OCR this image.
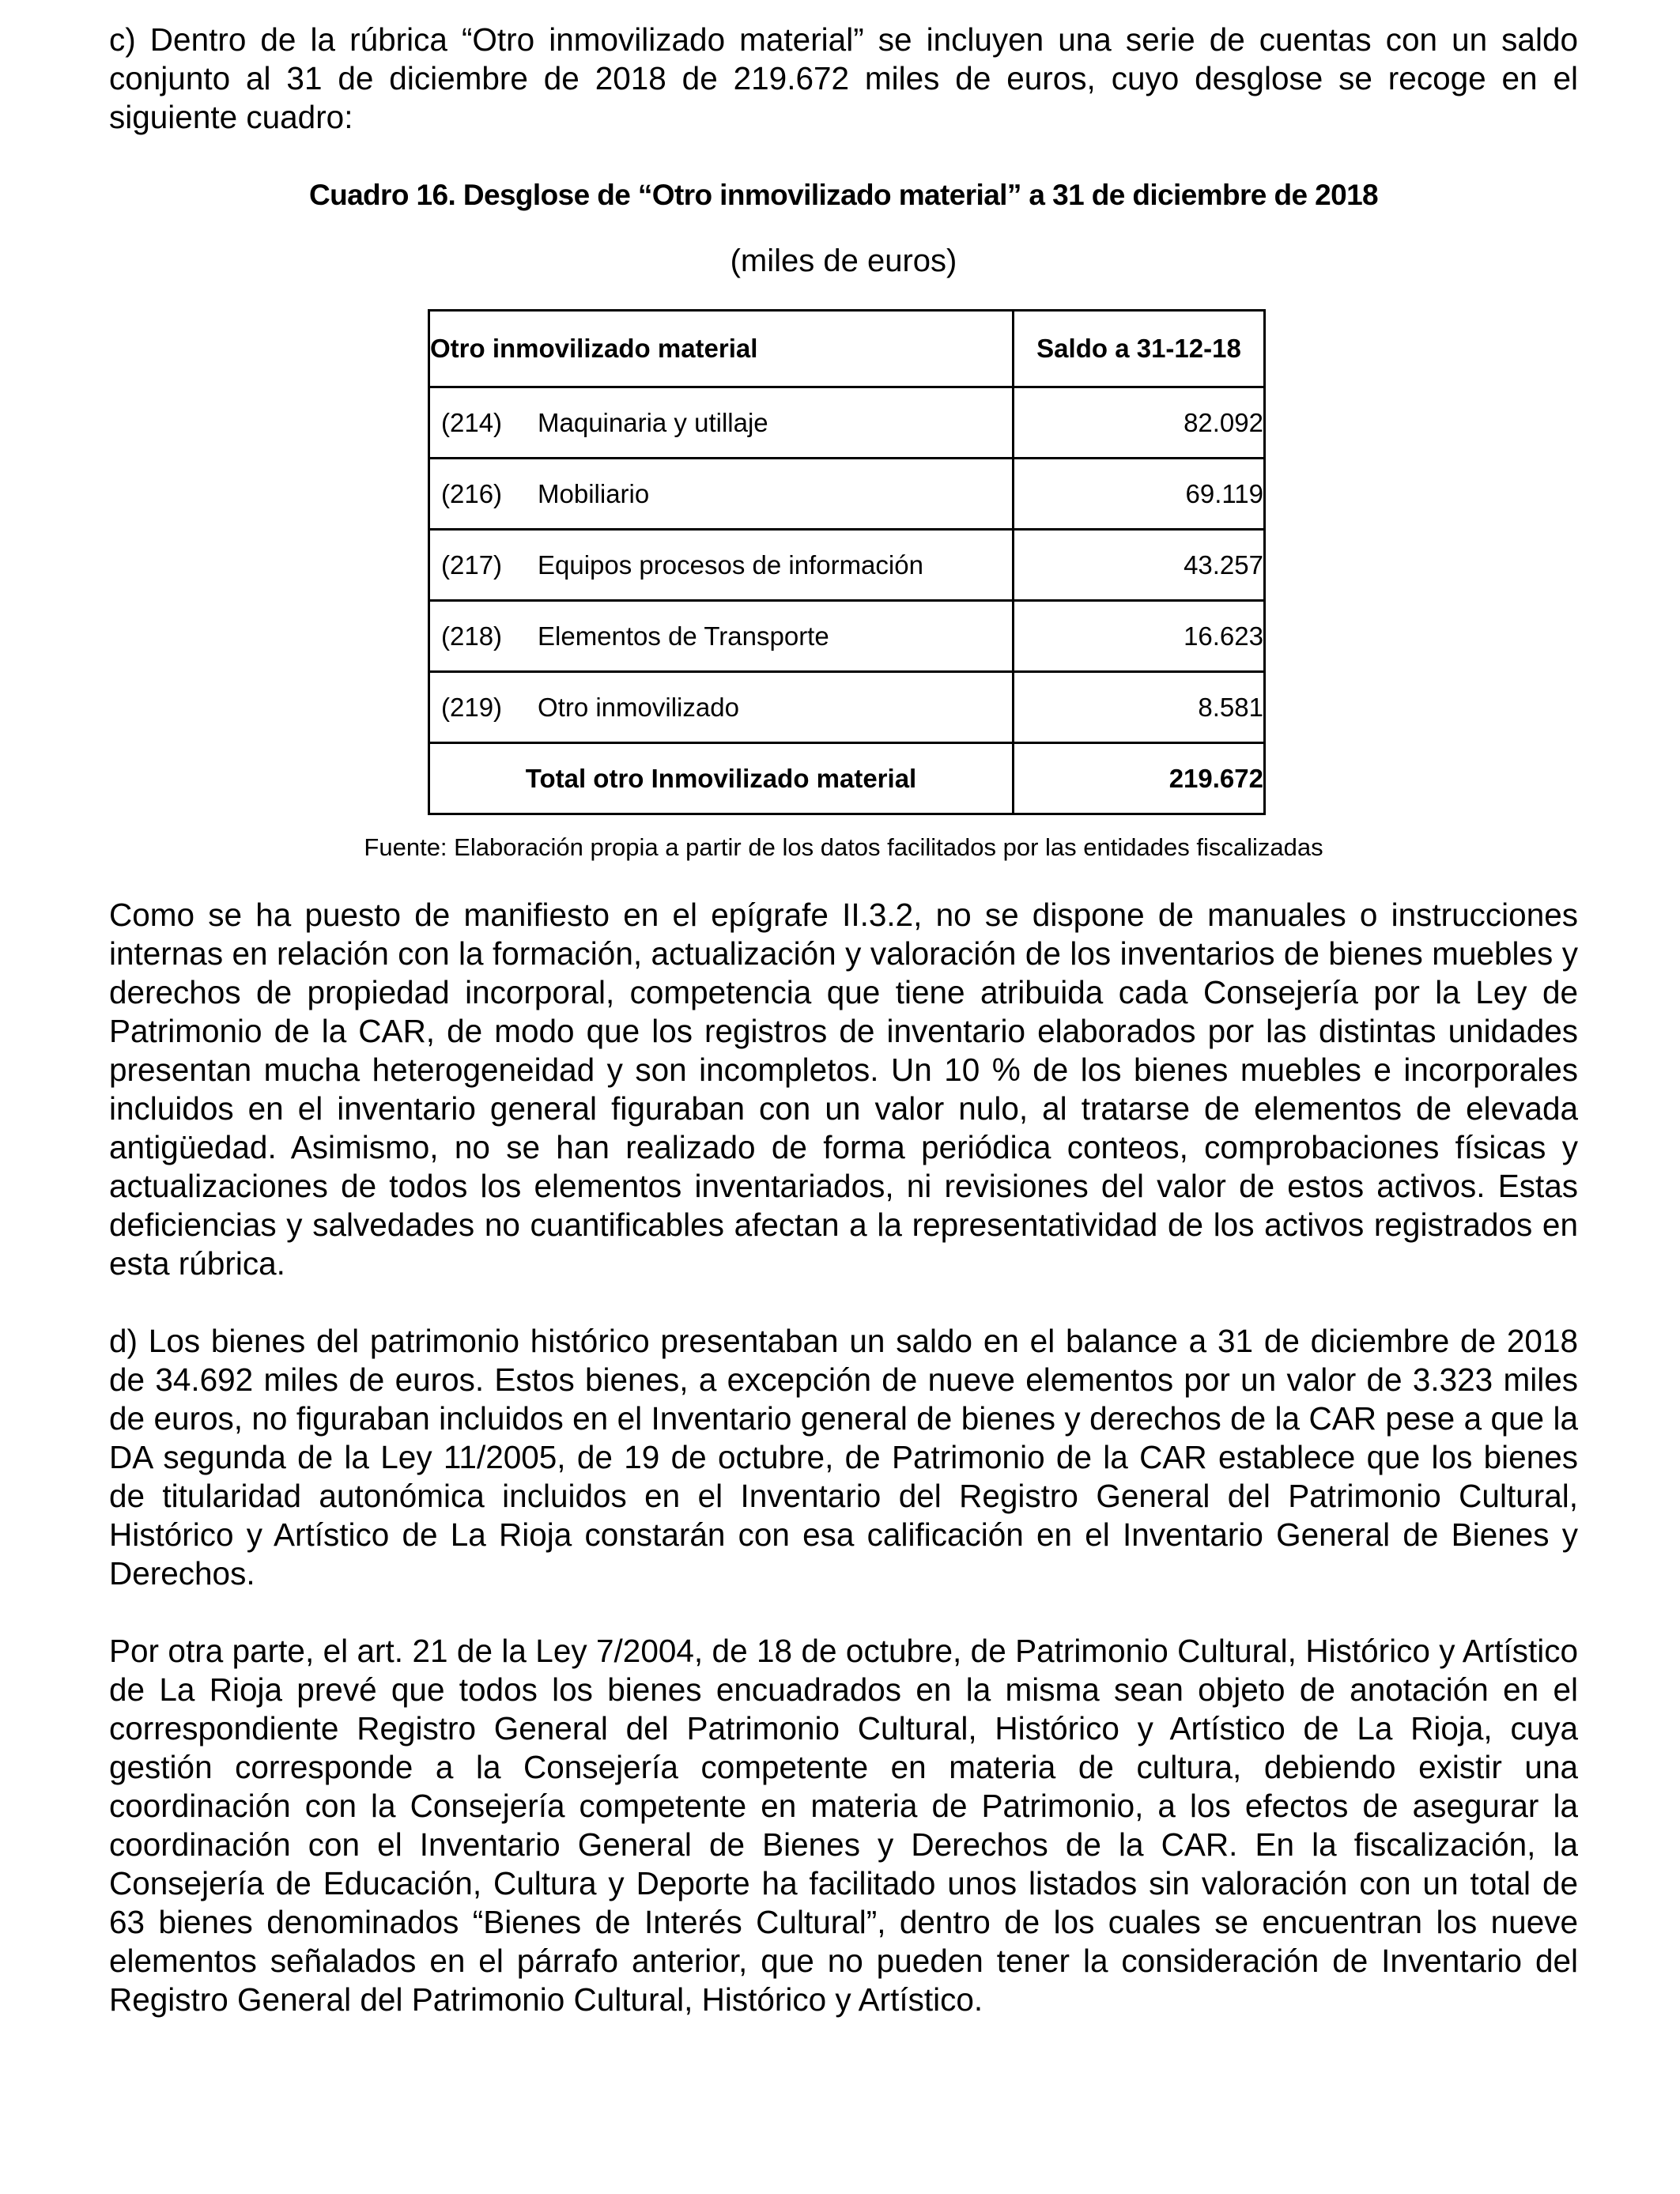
c) Dentro de la rúbrica “Otro inmovilizado material” se incluyen una serie de cuentas con un saldo conjunto al 31 de diciembre de 2018 de 219.672 miles de euros, cuyo desglose se recoge en el siguiente cuadro:

Cuadro 16. Desglose de “Otro inmovilizado material” a 31 de diciembre de 2018
(miles de euros)
Otro inmovilizado material	Saldo a 31-12-18

(214) Maquinaria y utillaje	82.092

(216) Mobiliario	69.119

(217) Equipos procesos de información	43.257

(218) Elementos de Transporte	16.623

(219) Otro inmovilizado	8.581
Total otro Inmovilizado material	219.672
Fuente: Elaboración propia a partir de los datos facilitados por las entidades fiscalizadas

Como se ha puesto de manifiesto en el epígrafe II.3.2, no se dispone de manuales o instrucciones internas en relación con la formación, actualización y valoración de los inventarios de bienes muebles y derechos de propiedad incorporal, competencia que tiene atribuida cada Consejería por la Ley de Patrimonio de la CAR, de modo que los registros de inventario elaborados por las distintas unidades presentan mucha heterogeneidad y son incompletos. Un 10 % de los bienes muebles e incorporales incluidos en el inventario general figuraban con un valor nulo, al tratarse de elementos de elevada antigüedad. Asimismo, no se han realizado de forma periódica conteos, comprobaciones físicas y actualizaciones de todos los elementos inventariados, ni revisiones del valor de estos activos. Estas deficiencias y salvedades no cuantificables afectan a la representatividad de los activos registrados en esta rúbrica.

d) Los bienes del patrimonio histórico presentaban un saldo en el balance a 31 de diciembre de 2018 de 34.692 miles de euros. Estos bienes, a excepción de nueve elementos por un valor de 3.323 miles de euros, no figuraban incluidos en el Inventario general de bienes y derechos de la CAR pese a que la DA segunda de la Ley 11/2005, de 19 de octubre, de Patrimonio de la CAR establece que los bienes de titularidad autonómica incluidos en el Inventario del Registro General del Patrimonio Cultural, Histórico y Artístico de La Rioja constarán con esa calificación en el Inventario General de Bienes y Derechos.

Por otra parte, el art. 21 de la Ley 7/2004, de 18 de octubre, de Patrimonio Cultural, Histórico y Artístico de La Rioja prevé que todos los bienes encuadrados en la misma sean objeto de anotación en el correspondiente Registro General del Patrimonio Cultural, Histórico y Artístico de La Rioja, cuya gestión corresponde a la Consejería competente en materia de cultura, debiendo existir una coordinación con la Consejería competente en materia de Patrimonio, a los efectos de asegurar la coordinación con el Inventario General de Bienes y Derechos de la CAR. En la fiscalización, la Consejería de Educación, Cultura y Deporte ha facilitado unos listados sin valoración con un total de 63 bienes denominados “Bienes de Interés Cultural”, dentro de los cuales se encuentran los nueve elementos señalados en el párrafo anterior, que no pueden tener la consideración de Inventario del Registro General del Patrimonio Cultural, Histórico y Artístico.
